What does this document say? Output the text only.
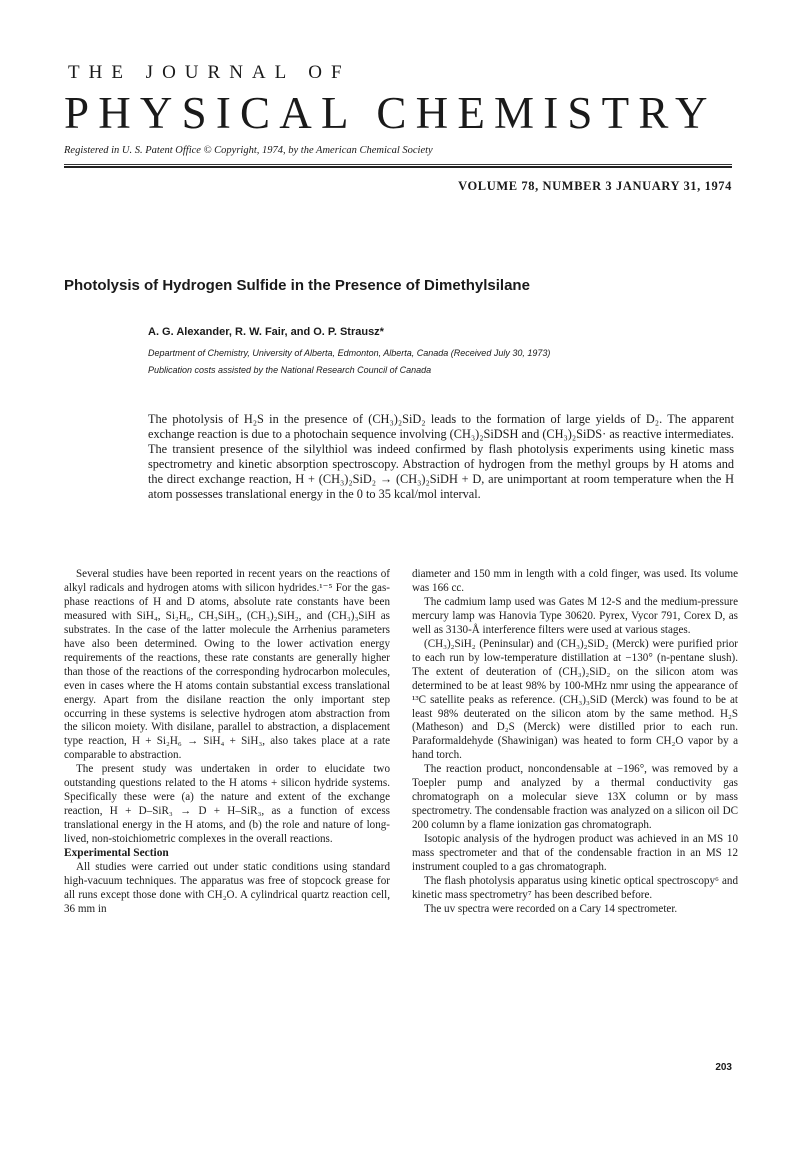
THE JOURNAL OF
PHYSICAL CHEMISTRY
Registered in U. S. Patent Office © Copyright, 1974, by the American Chemical Society
VOLUME 78, NUMBER 3 JANUARY 31, 1974
Photolysis of Hydrogen Sulfide in the Presence of Dimethylsilane
A. G. Alexander, R. W. Fair, and O. P. Strausz*
Department of Chemistry, University of Alberta, Edmonton, Alberta, Canada (Received July 30, 1973)
Publication costs assisted by the National Research Council of Canada

The photolysis of H₂S in the presence of (CH₃)₂SiD₂ leads to the formation of large yields of D₂. The apparent exchange reaction is due to a photochain sequence involving (CH₃)₂SiDSH and (CH₃)₂SiDS· as reactive intermediates. The transient presence of the silylthiol was indeed confirmed by flash photolysis experiments using kinetic mass spectrometry and kinetic absorption spectroscopy. Abstraction of hydrogen from the methyl groups by H atoms and the direct exchange reaction, H + (CH₃)₂SiD₂ → (CH₃)₂SiDH + D, are unimportant at room temperature when the H atom possesses translational energy in the 0 to 35 kcal/mol interval.

Several studies have been reported in recent years on the reactions of alkyl radicals and hydrogen atoms with silicon hydrides.¹⁻⁵ For the gas-phase reactions of H and D atoms, absolute rate constants have been measured with SiH₄, Si₂H₆, CH₃SiH₃, (CH₃)₂SiH₂, and (CH₃)₃SiH as substrates. In the case of the latter molecule the Arrhenius parameters have also been determined. Owing to the lower activation energy requirements of the reactions, these rate constants are generally higher than those of the reactions of the corresponding hydrocarbon molecules, even in cases where the H atoms contain substantial excess translational energy. Apart from the disilane reaction the only important step occurring in these systems is selective hydrogen atom abstraction from the silicon moiety. With disilane, parallel to abstraction, a displacement type reaction, H + Si₂H₆ → SiH₄ + SiH₃, also takes place at a rate comparable to abstraction.

The present study was undertaken in order to elucidate two outstanding questions related to the H atoms + silicon hydride systems. Specifically these were (a) the nature and extent of the exchange reaction, H + D–SiR₃ → D + H–SiR₃, as a function of excess translational energy in the H atoms, and (b) the role and nature of long-lived, non-stoichiometric complexes in the overall reactions.

Experimental Section

All studies were carried out under static conditions using standard high-vacuum techniques. The apparatus was free of stopcock grease for all runs except those done with CH₂O. A cylindrical quartz reaction cell, 36 mm in

diameter and 150 mm in length with a cold finger, was used. Its volume was 166 cc.

The cadmium lamp used was Gates M 12-S and the medium-pressure mercury lamp was Hanovia Type 30620. Pyrex, Vycor 791, Corex D, as well as 3130-Å interference filters were used at various stages.

(CH₃)₂SiH₂ (Peninsular) and (CH₃)₂SiD₂ (Merck) were purified prior to each run by low-temperature distillation at −130° (n-pentane slush). The extent of deuteration of (CH₃)₂SiD₂ on the silicon atom was determined to be at least 98% by 100-MHz nmr using the appearance of ¹³C satellite peaks as reference. (CH₃)₃SiD (Merck) was found to be at least 98% deuterated on the silicon atom by the same method. H₂S (Matheson) and D₂S (Merck) were distilled prior to each run. Paraformaldehyde (Shawinigan) was heated to form CH₂O vapor by a hand torch.

The reaction product, noncondensable at −196°, was removed by a Toepler pump and analyzed by a thermal conductivity gas chromatograph on a molecular sieve 13X column or by mass spectrometry. The condensable fraction was analyzed on a silicon oil DC 200 column by a flame ionization gas chromatograph.

Isotopic analysis of the hydrogen product was achieved in an MS 10 mass spectrometer and that of the condensable fraction in an MS 12 instrument coupled to a gas chromatograph.

The flash photolysis apparatus using kinetic optical spectroscopy⁶ and kinetic mass spectrometry⁷ has been described before.

The uv spectra were recorded on a Cary 14 spectrometer.

203
